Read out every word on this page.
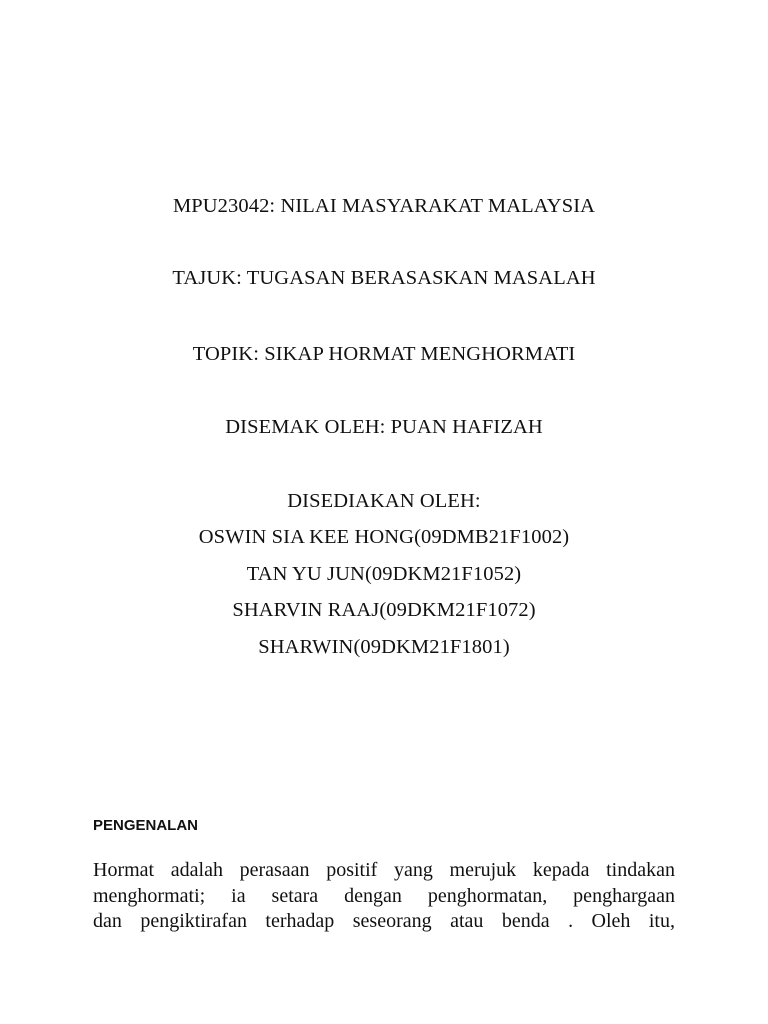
MPU23042: NILAI MASYARAKAT MALAYSIA
TAJUK: TUGASAN BERASASKAN MASALAH
TOPIK: SIKAP HORMAT MENGHORMATI
DISEMAK OLEH: PUAN HAFIZAH
DISEDIAKAN OLEH:
OSWIN SIA KEE HONG(09DMB21F1002)
TAN YU JUN(09DKM21F1052)
SHARVIN RAAJ(09DKM21F1072)
SHARWIN(09DKM21F1801)
PENGENALAN
Hormat adalah perasaan positif yang merujuk kepada tindakan
menghormati; ia setara dengan penghormatan, penghargaan
dan pengiktirafan terhadap seseorang atau benda . Oleh itu,
